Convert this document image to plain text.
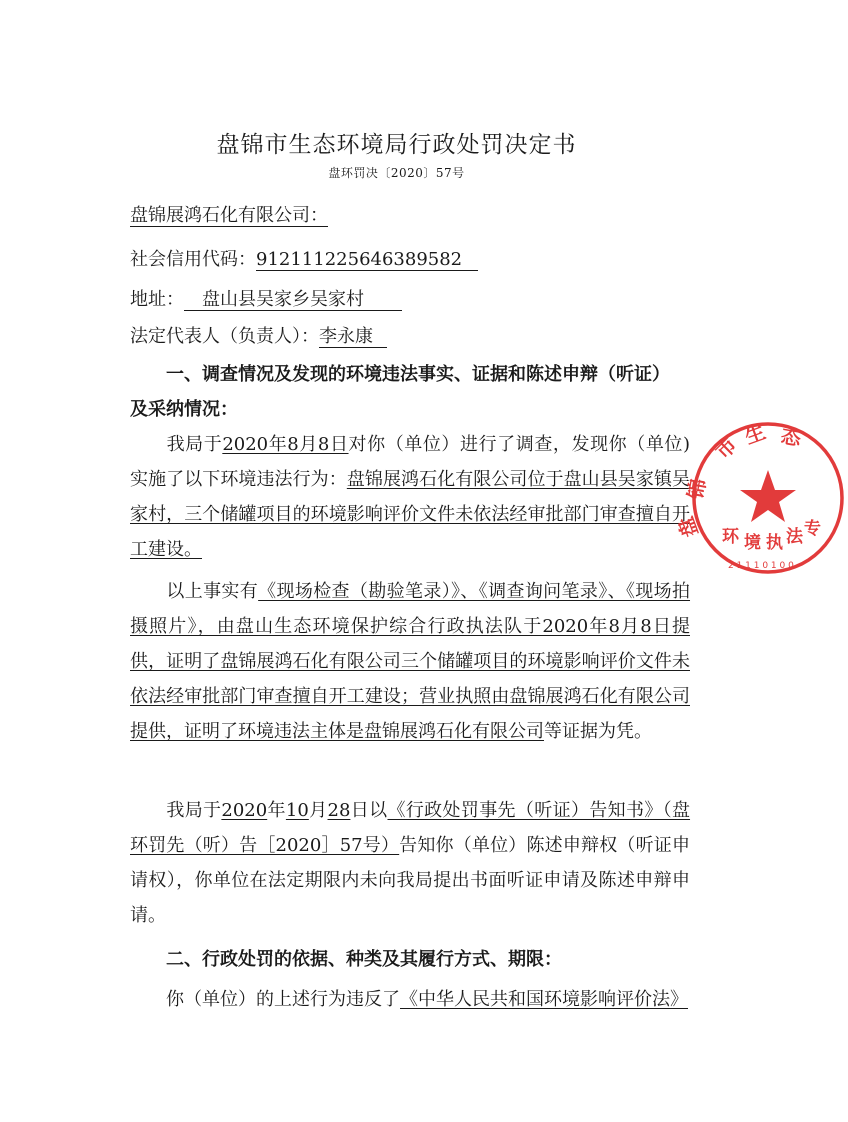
盘锦市生态环境局行政处罚决定书
盘环罚决〔2020〕57号
盘锦展鸿石化有限公司：
社会信用代码：912111225646389582
地址： 盘山县吴家乡吴家村
法定代表人（负责人）：李永康
一、调查情况及发现的环境违法事实、证据和陈述申辩（听证）
及采纳情况：
我局于2020年8月8日对你（单位）进行了调查，发现你（单位)实施了以下环境违法行为：盘锦展鸿石化有限公司位于盘山县吴家镇吴家村，三个储罐项目的环境影响评价文件未依法经审批部门审查擅自开工建设。
以上事实有《现场检查（勘验笔录）》、《调查询问笔录》、《现场拍摄照片》，由盘山生态环境保护综合行政执法队于2020年8月8日提供，证明了盘锦展鸿石化有限公司三个储罐项目的环境影响评价文件未依法经审批部门审查擅自开工建设；营业执照由盘锦展鸿石化有限公司提供，证明了环境违法主体是盘锦展鸿石化有限公司等证据为凭。
我局于2020年10月28日以《行政处罚事先（听证）告知书》（盘环罚先（听）告［2020］57号）告知你（单位）陈述申辩权（听证申请权），你单位在法定期限内未向我局提出书面听证申请及陈述申辩申请。
二、行政处罚的依据、种类及其履行方式、期限：
你（单位）的上述行为违反了《中华人民共和国环境影响评价法》
市 生 态
锦
盘 环 境 执 法 专
2 1 1 1 0 1 0 0
